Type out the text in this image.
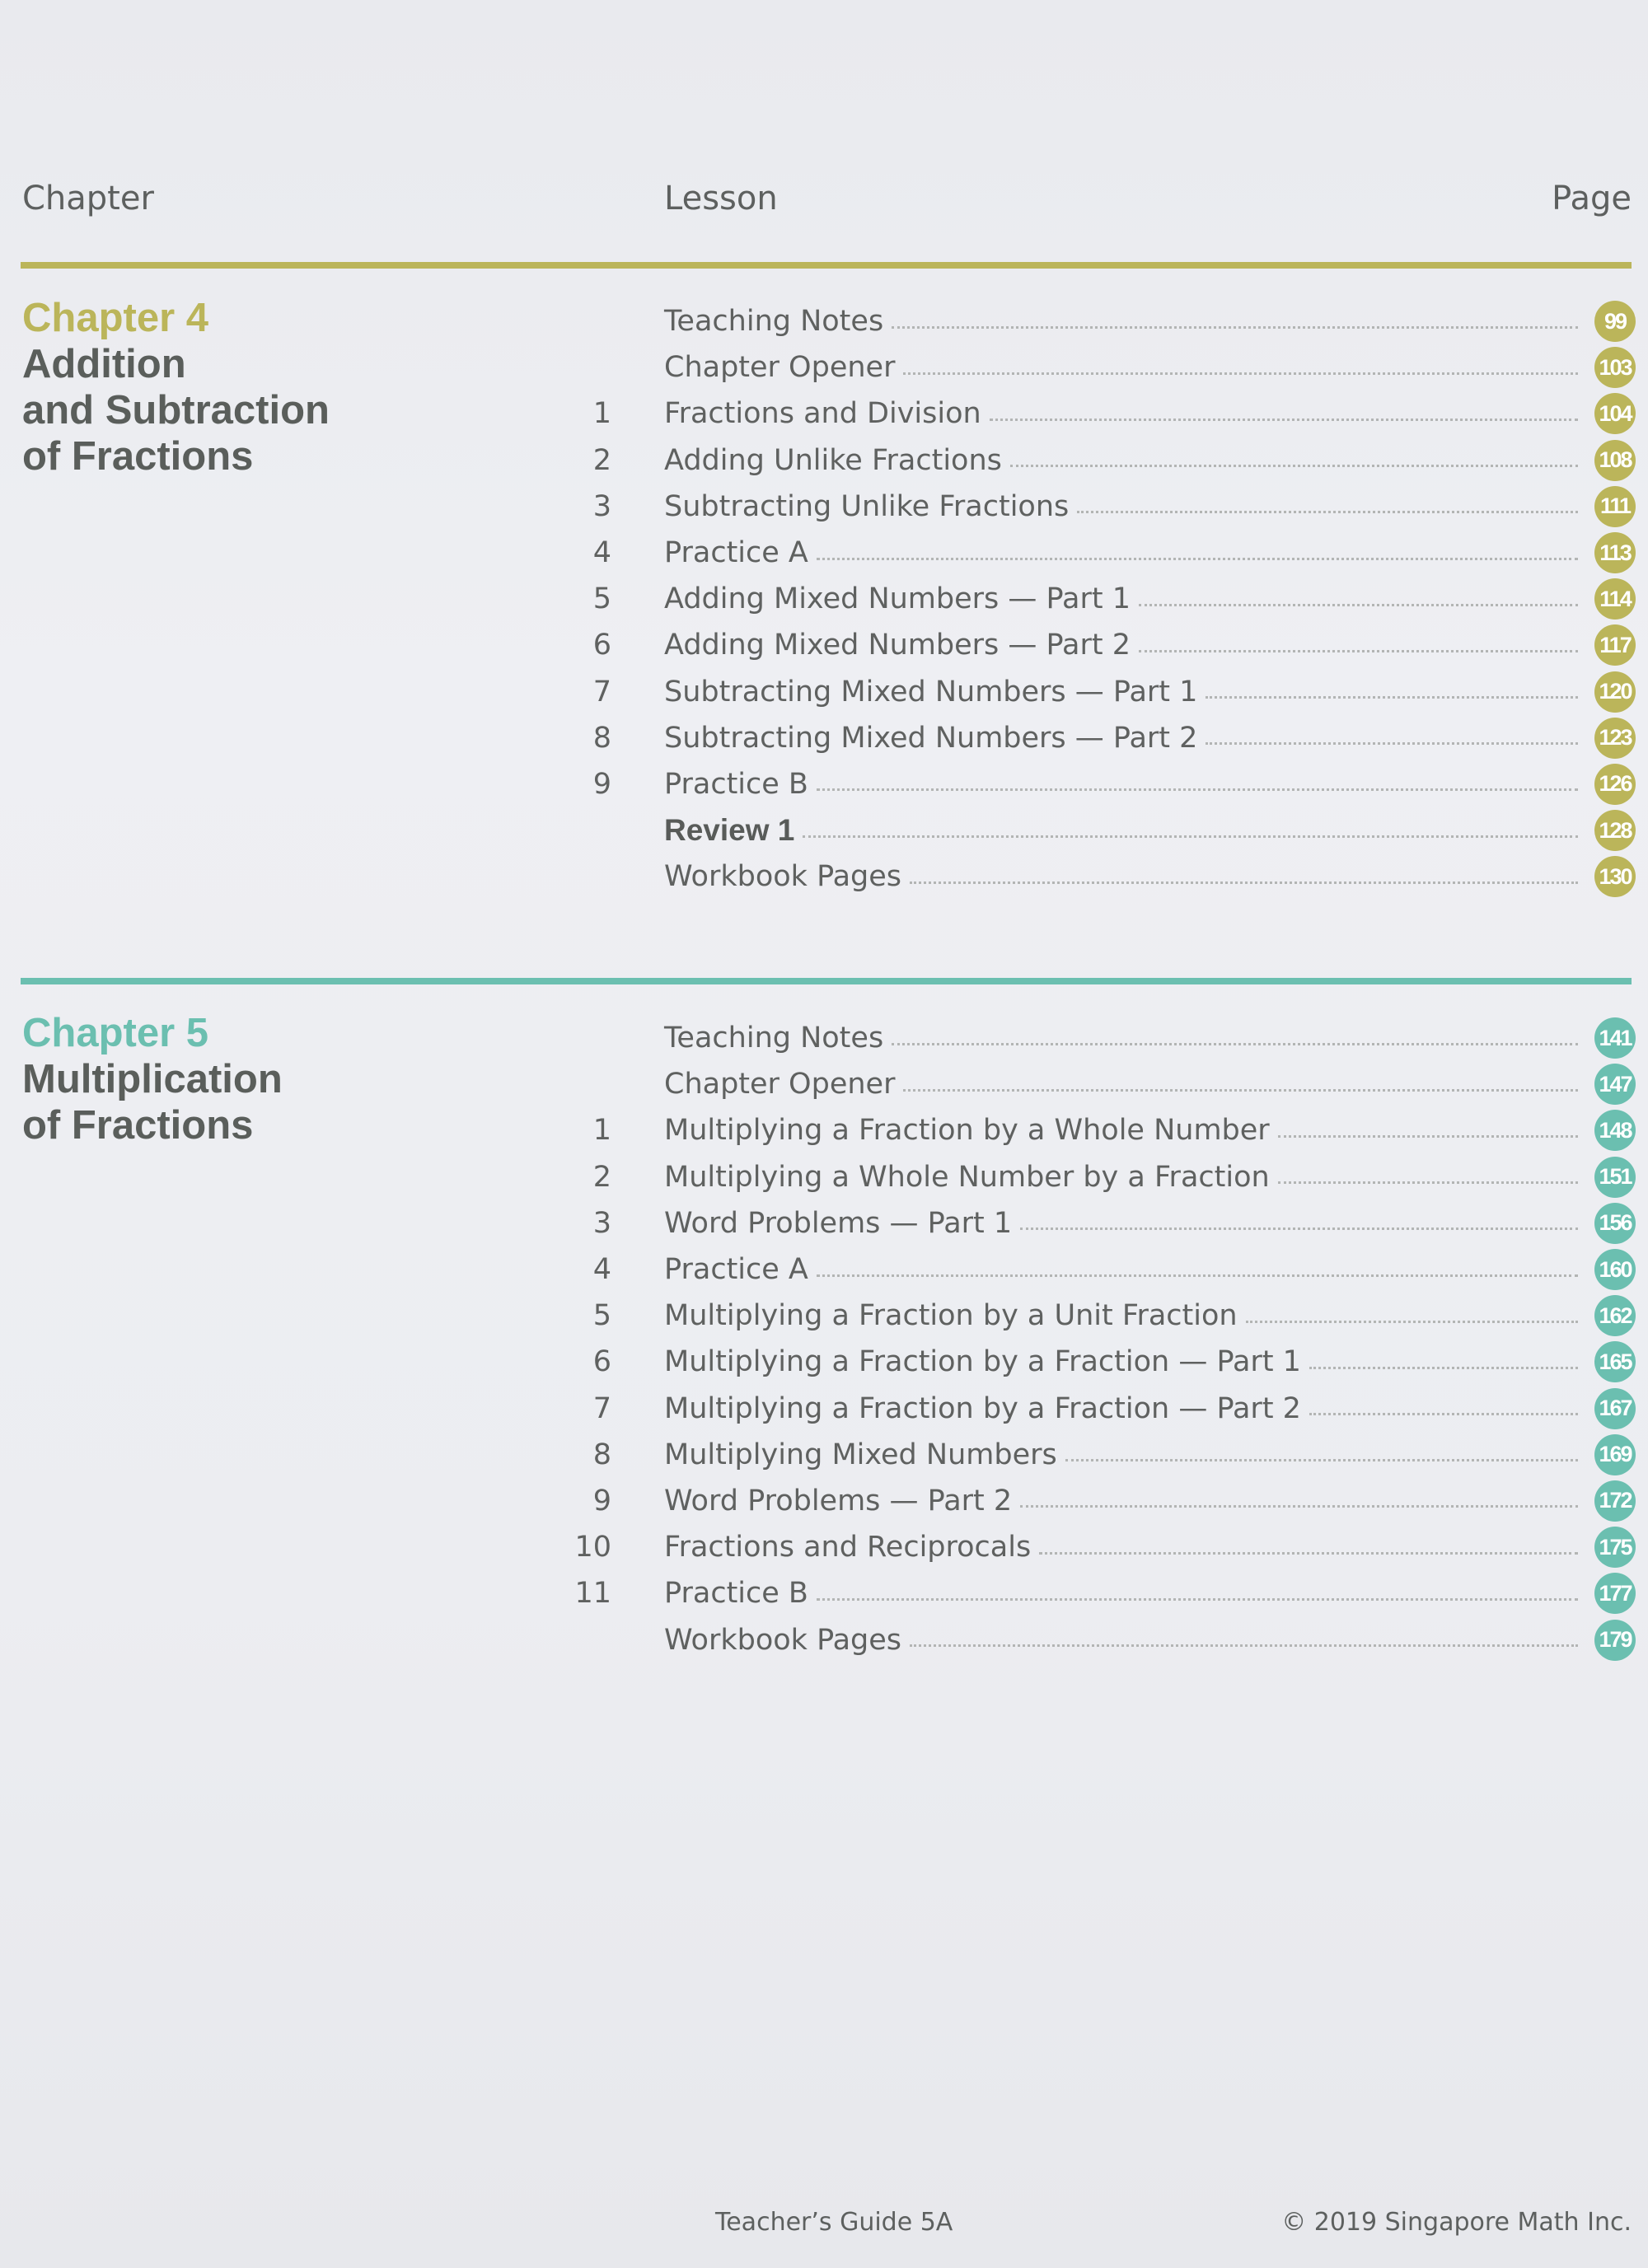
Chapter	Lesson	Page
Chapter 4
Addition
and Subtraction
of Fractions
Teaching Notes	99
Chapter Opener	103
1 Fractions and Division	104
2 Adding Unlike Fractions	108
3 Subtracting Unlike Fractions	111
4 Practice A	113
5 Adding Mixed Numbers — Part 1	114
6 Adding Mixed Numbers — Part 2	117
7 Subtracting Mixed Numbers — Part 1	120
8 Subtracting Mixed Numbers — Part 2	123
9 Practice B	126
Review 1	128
Workbook Pages	130
Chapter 5
Multiplication
of Fractions
Teaching Notes	141
Chapter Opener	147
1 Multiplying a Fraction by a Whole Number	148
2 Multiplying a Whole Number by a Fraction	151
3 Word Problems — Part 1	156
4 Practice A	160
5 Multiplying a Fraction by a Unit Fraction	162
6 Multiplying a Fraction by a Fraction — Part 1	165
7 Multiplying a Fraction by a Fraction — Part 2	167
8 Multiplying Mixed Numbers	169
9 Word Problems — Part 2	172
10 Fractions and Reciprocals	175
11 Practice B	177
Workbook Pages	179
Teacher’s Guide 5A	© 2019 Singapore Math Inc.
